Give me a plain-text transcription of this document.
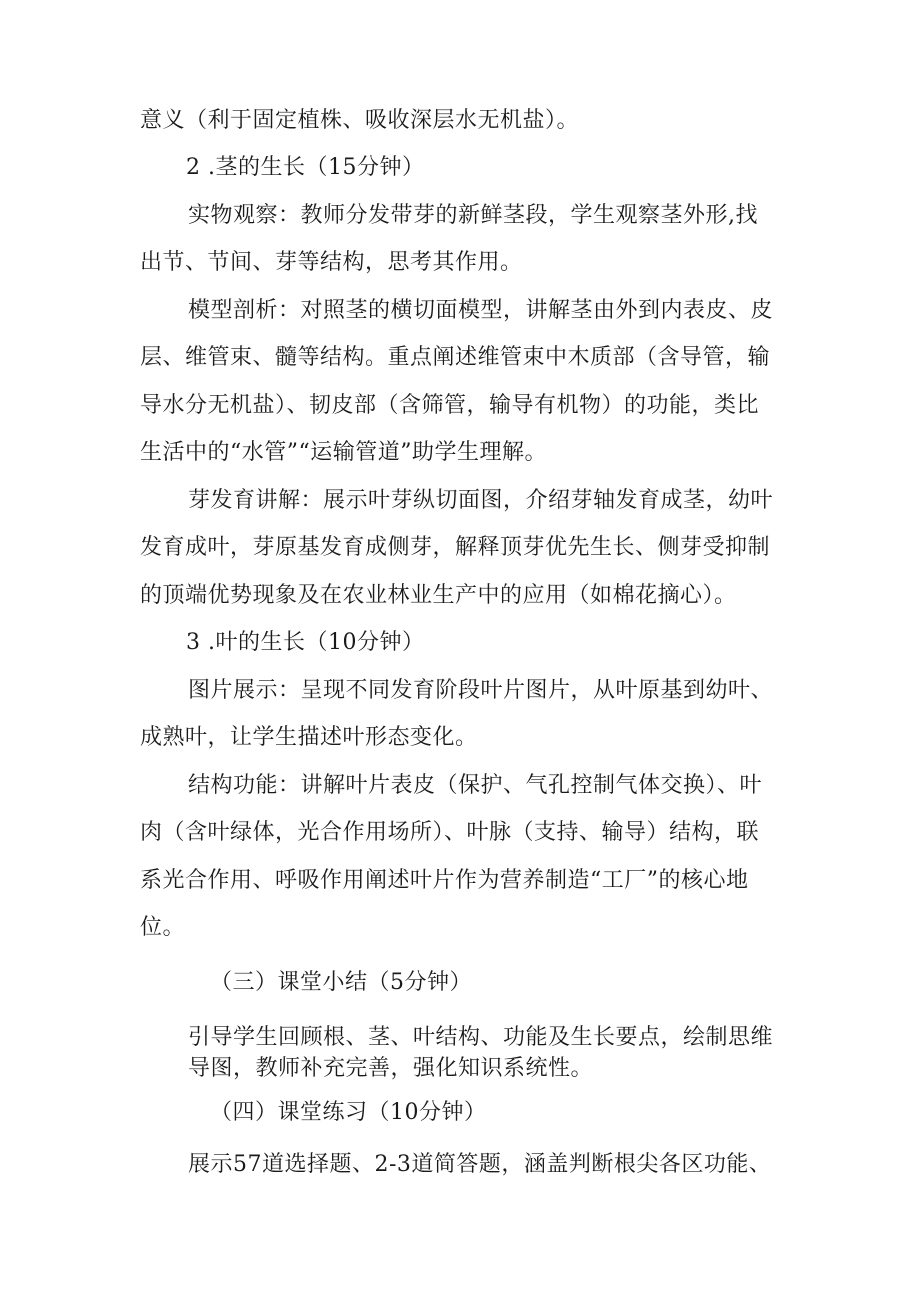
意义（利于固定植株、吸收深层水无机盐）。
2 .茎的生长（15分钟）
实物观察：教师分发带芽的新鲜茎段，学生观察茎外形,找
出节、节间、芽等结构，思考其作用。
模型剖析：对照茎的横切面模型，讲解茎由外到内表皮、皮
层、维管束、髓等结构。重点阐述维管束中木质部（含导管，输
导水分无机盐）、韧皮部（含筛管，输导有机物）的功能，类比
生活中的“水管”“运输管道”助学生理解。
芽发育讲解：展示叶芽纵切面图，介绍芽轴发育成茎，幼叶
发育成叶，芽原基发育成侧芽，解释顶芽优先生长、侧芽受抑制
的顶端优势现象及在农业林业生产中的应用（如棉花摘心）。
3 .叶的生长（10分钟）
图片展示：呈现不同发育阶段叶片图片，从叶原基到幼叶、
成熟叶，让学生描述叶形态变化。
结构功能：讲解叶片表皮（保护、气孔控制气体交换）、叶
肉（含叶绿体，光合作用场所）、叶脉（支持、输导）结构，联
系光合作用、呼吸作用阐述叶片作为营养制造“工厂”的核心地
位。
（三）课堂小结（5分钟）
引导学生回顾根、茎、叶结构、功能及生长要点，绘制思维
导图，教师补充完善，强化知识系统性。
（四）课堂练习（10分钟）
展示57道选择题、2-3道简答题，涵盖判断根尖各区功能、
